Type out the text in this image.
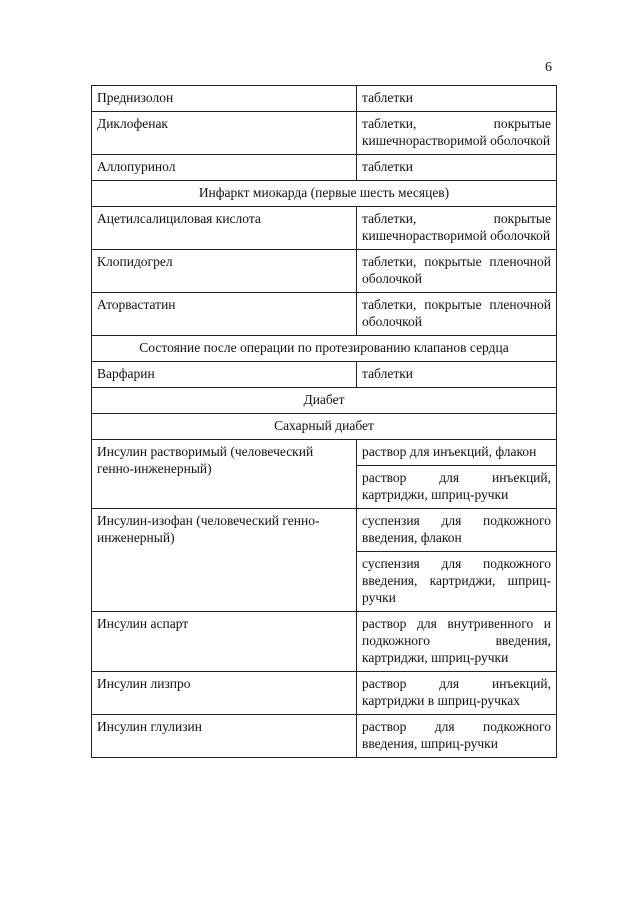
6
Преднизолон	таблетки
Диклофенак	таблетки, покрытые кишечнорастворимой оболочкой
Аллопуринол	таблетки
Инфаркт миокарда (первые шесть месяцев)	
Ацетилсалициловая кислота	таблетки, покрытые кишечнорастворимой оболочкой
Клопидогрел	таблетки, покрытые пленочной оболочкой
Аторвастатин	таблетки, покрытые пленочной оболочкой
Состояние после операции по протезированию клапанов сердца	
Варфарин	таблетки
Диабет	
Сахарный диабет	
Инсулин растворимый (человеческий генно-инженерный)	раствор для инъекций, флакон
	раствор для инъекций, картриджи, шприц-ручки
Инсулин-изофан (человеческий генно-инженерный)	суспензия для подкожного введения, флакон
	суспензия для подкожного введения, картриджи, шприц-ручки
Инсулин аспарт	раствор для внутривенного и подкожного введения, картриджи, шприц-ручки
Инсулин лизпро	раствор для инъекций, картриджи в шприц-ручках
Инсулин глулизин	раствор для подкожного введения, шприц-ручки
